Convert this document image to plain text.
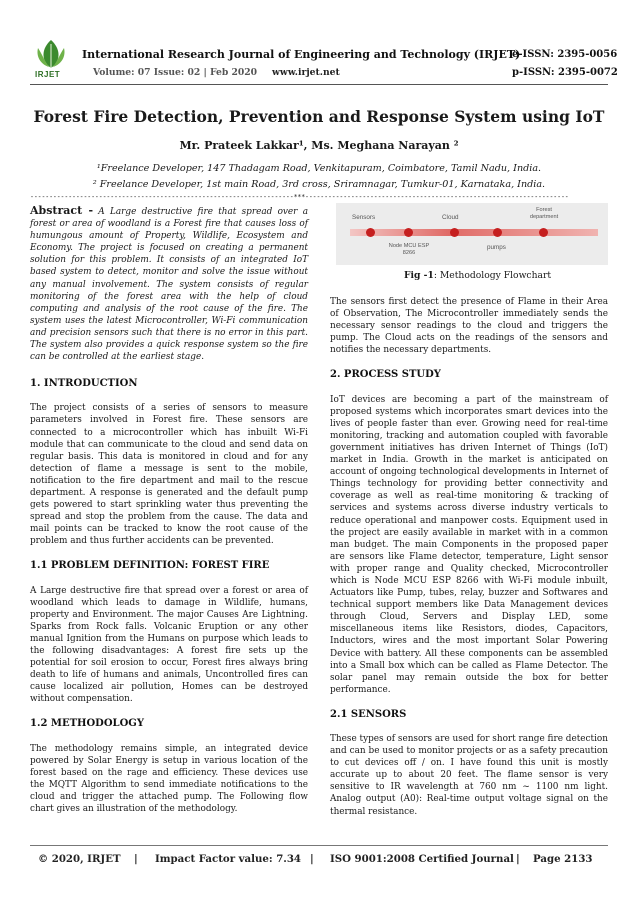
IRJET
International Research Journal of Engineering and Technology (IRJET)
e-ISSN: 2395-0056
Volume: 07 Issue: 02 | Feb 2020 www.irjet.net	p-ISSN: 2395-0072
Forest Fire Detection, Prevention and Response System using IoT
Mr. Prateek Lakkar¹, Ms. Meghana Narayan ²
¹Freelance Developer, 147 Thadagam Road, Venkitapuram, Coimbatore, Tamil Nadu, India.
² Freelance Developer, 1st main Road, 3rd cross, Sriramnagar, Tumkur-01, Karnataka, India.
---------------------------------------------------------------------***---------------------------------------------------------------------

Abstract - A Large destructive fire that spread over a forest or area of woodland is a Forest fire that causes loss of humungous amount of Property, Wildlife, Ecosystem and Economy. The project is focused on creating a permanent solution for this problem. It consists of an integrated IoT based system to detect, monitor and solve the issue without any manual involvement. The system consists of regular monitoring of the forest area with the help of cloud computing and analysis of the root cause of the fire. The system uses the latest Microcontroller, Wi-Fi communication and precision sensors such that there is no error in this part. The system also provides a quick response system so the fire can be controlled at the earliest stage.

1. INTRODUCTION

The project consists of a series of sensors to measure parameters involved in Forest fire. These sensors are connected to a microcontroller which has inbuilt Wi-Fi module that can communicate to the cloud and send data on regular basis. This data is monitored in cloud and for any detection of flame a message is sent to the mobile, notification to the fire department and mail to the rescue department. A response is generated and the default pump gets powered to start sprinkling water thus preventing the spread and stop the problem from the cause. The data and mail points can be tracked to know the root cause of the problem and thus further accidents can be prevented.

1.1 PROBLEM DEFINITION: FOREST FIRE

A Large destructive fire that spread over a forest or area of woodland which leads to damage in Wildlife, humans, property and Environment. The major Causes Are Lightning. Sparks from Rock falls. Volcanic Eruption or any other manual Ignition from the Humans on purpose which leads to the following disadvantages: A forest fire sets up the potential for soil erosion to occur, Forest fires always bring death to life of humans and animals, Uncontrolled fires can cause localized air pollution, Homes can be destroyed without compensation.

1.2 METHODOLOGY

The methodology remains simple, an integrated device powered by Solar Energy is setup in various location of the forest based on the rage and efficiency. These devices use the MQTT Algorithm to send immediate notifications to the cloud and trigger the attached pump. The Following flow chart gives an illustration of the methodology.

Sensors	Cloud
Forest department
Node MCU ESP 8266
pumps
Fig -1: Methodology Flowchart

The sensors first detect the presence of Flame in their Area of Observation, The Microcontroller immediately sends the necessary sensor readings to the cloud and triggers the pump. The Cloud acts on the readings of the sensors and notifies the necessary departments.

2. PROCESS STUDY

IoT devices are becoming a part of the mainstream of proposed systems which incorporates smart devices into the lives of people faster than ever. Growing need for real-time monitoring, tracking and automation coupled with favorable government initiatives has driven Internet of Things (IoT) market in India. Growth in the market is anticipated on account of ongoing technological developments in Internet of Things technology for providing better connectivity and coverage as well as real-time monitoring & tracking of services and systems across diverse industry verticals to reduce operational and manpower costs. Equipment used in the project are easily available in market with in a common man budget. The main Components in the proposed paper are sensors like Flame detector, temperature, Light sensor with proper range and Quality checked, Microcontroller which is Node MCU ESP 8266 with Wi-Fi module inbuilt, Actuators like Pump, tubes, relay, buzzer and Softwares and technical support members like Data Management devices through Cloud, Servers and Display LED, some miscellaneous items like Resistors, diodes, Capacitors, Inductors, wires and the most important Solar Powering Device with battery. All these components can be assembled into a Small box which can be called as Flame Detector. The solar panel may remain outside the box for better performance.

2.1 SENSORS

These types of sensors are used for short range fire detection and can be used to monitor projects or as a safety precaution to cut devices off / on. I have found this unit is mostly accurate up to about 20 feet. The flame sensor is very sensitive to IR wavelength at 760 nm ~ 1100 nm light. Analog output (A0): Real-time output voltage signal on the thermal resistance.

© 2020, IRJET | Impact Factor value: 7.34 | ISO 9001:2008 Certified Journal | Page 2133
